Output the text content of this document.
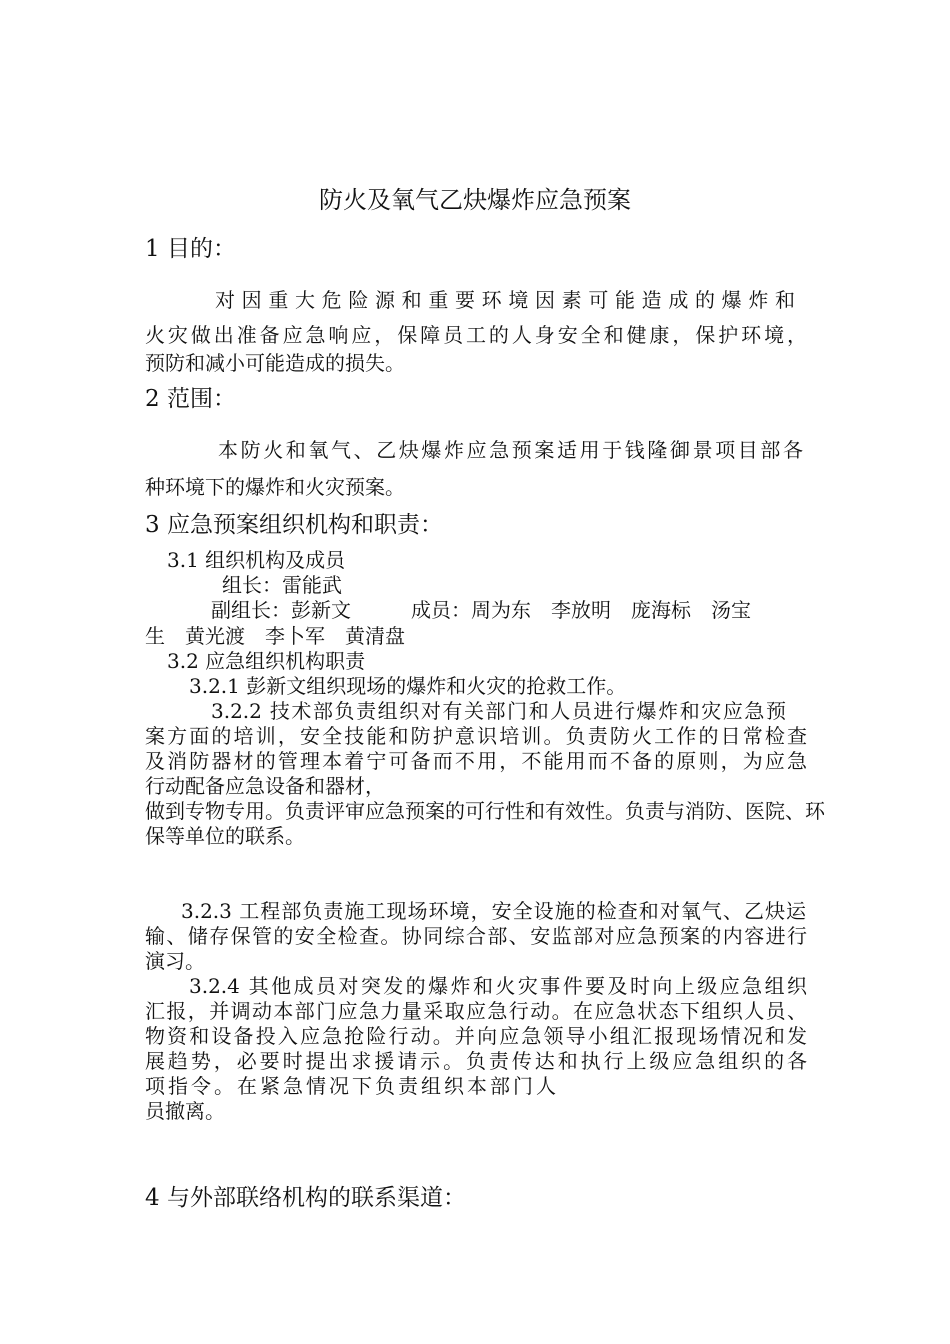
防火及氧气乙炔爆炸应急预案
1 目的：
对因重大危险源和重要环境因素可能造成的爆炸和
火灾做出准备应急响应，保障员工的人身安全和健康，保护环境，
预防和减小可能造成的损失。
2 范围：
本防火和氧气、乙炔爆炸应急预案适用于钱隆御景项目部各
种环境下的爆炸和火灾预案。
3 应急预案组织机构和职责：
3.1 组织机构及成员
组长：雷能武
副组长：彭新文　　　成员：周为东　李放明　庞海标　汤宝
生　黄光渡　李卜军　黄清盘
3.2 应急组织机构职责
3.2.1 彭新文组织现场的爆炸和火灾的抢救工作。
3.2.2 技术部负责组织对有关部门和人员进行爆炸和灾应急预
案方面的培训，安全技能和防护意识培训。负责防火工作的日常检查
及消防器材的管理本着宁可备而不用，不能用而不备的原则，为应急
行动配备应急设备和器材，
做到专物专用。负责评审应急预案的可行性和有效性。负责与消防、医院、环
保等单位的联系。
3.2.3 工程部负责施工现场环境，安全设施的检查和对氧气、乙炔运
输、储存保管的安全检查。协同综合部、安监部对应急预案的内容进行
演习。
3.2.4 其他成员对突发的爆炸和火灾事件要及时向上级应急组织
汇报，并调动本部门应急力量采取应急行动。在应急状态下组织人员、
物资和设备投入应急抢险行动。并向应急领导小组汇报现场情况和发
展趋势，必要时提出求援请示。负责传达和执行上级应急组织的各
项指令。在紧急情况下负责组织本部门人
员撤离。
4 与外部联络机构的联系渠道：
